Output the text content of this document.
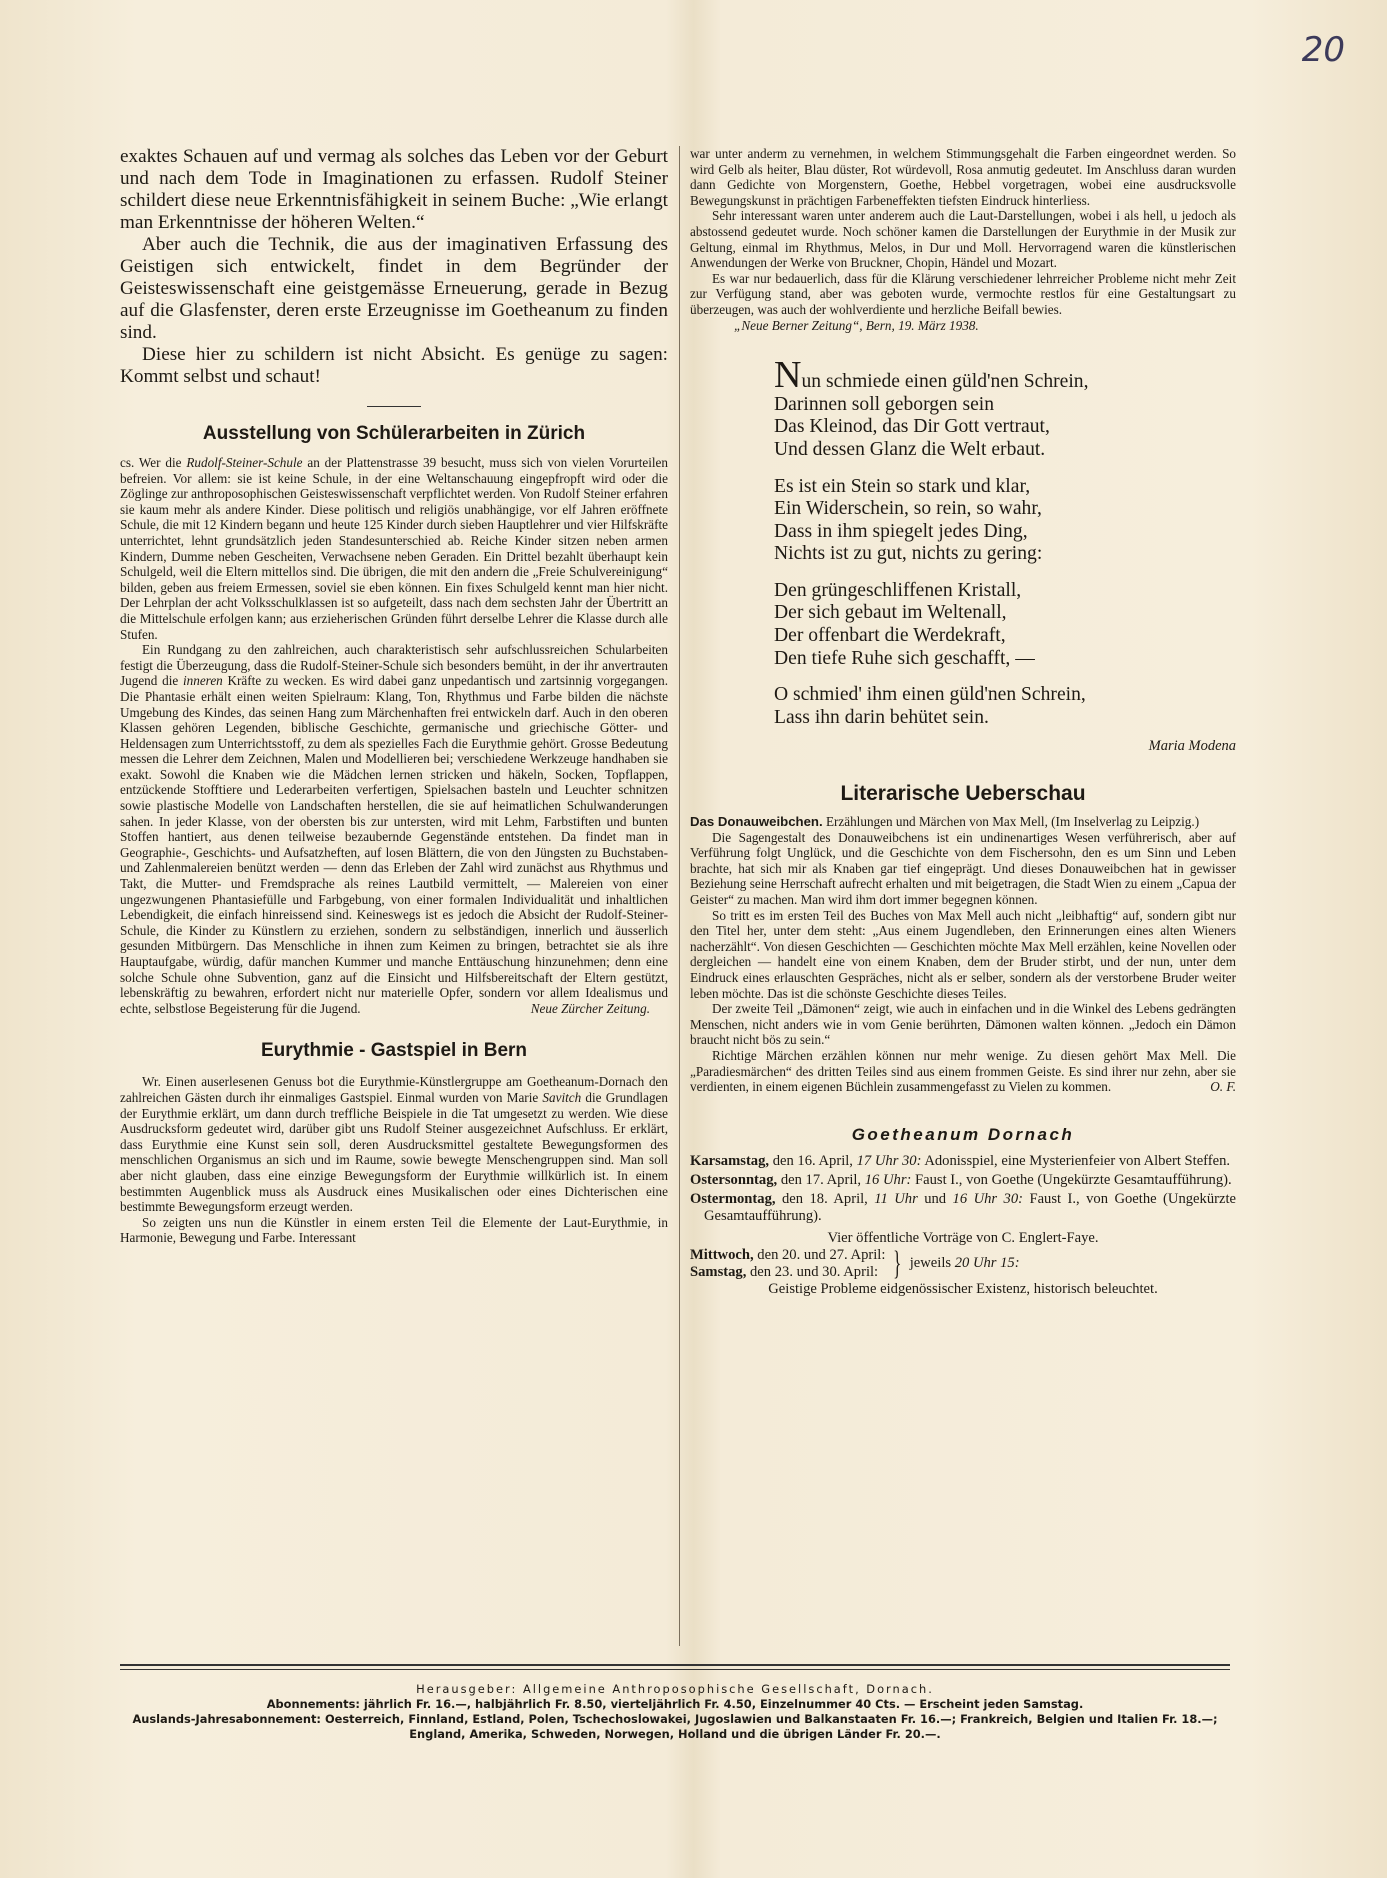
20

exaktes Schauen auf und vermag als solches das Leben vor der Geburt und nach dem Tode in Imaginationen zu erfassen. Rudolf Steiner schildert diese neue Erkenntnisfähigkeit in seinem Buche: „Wie erlangt man Erkenntnisse der höheren Welten.“

Aber auch die Technik, die aus der imaginativen Erfassung des Geistigen sich entwickelt, findet in dem Begründer der Geisteswissenschaft eine geistgemässe Erneuerung, gerade in Bezug auf die Glasfenster, deren erste Erzeugnisse im Goetheanum zu finden sind.

Diese hier zu schildern ist nicht Absicht. Es genüge zu sagen: Kommt selbst und schaut!

Ausstellung von Schülerarbeiten in Zürich

cs. Wer die Rudolf-Steiner-Schule an der Plattenstrasse 39 besucht, muss sich von vielen Vorurteilen befreien. Vor allem: sie ist keine Schule, in der eine Weltanschauung eingepfropft wird oder die Zöglinge zur anthroposophischen Geisteswissenschaft verpflichtet werden. Von Rudolf Steiner erfahren sie kaum mehr als andere Kinder. Diese politisch und religiös unabhängige, vor elf Jahren eröffnete Schule, die mit 12 Kindern begann und heute 125 Kinder durch sieben Hauptlehrer und vier Hilfskräfte unterrichtet, lehnt grundsätzlich jeden Standesunterschied ab. Reiche Kinder sitzen neben armen Kindern, Dumme neben Gescheiten, Verwachsene neben Geraden. Ein Drittel bezahlt überhaupt kein Schulgeld, weil die Eltern mittellos sind. Die übrigen, die mit den andern die „Freie Schulvereinigung“ bilden, geben aus freiem Ermessen, soviel sie eben können. Ein fixes Schulgeld kennt man hier nicht. Der Lehrplan der acht Volksschulklassen ist so aufgeteilt, dass nach dem sechsten Jahr der Übertritt an die Mittelschule erfolgen kann; aus erzieherischen Gründen führt derselbe Lehrer die Klasse durch alle Stufen.

Ein Rundgang zu den zahlreichen, auch charakteristisch sehr aufschlussreichen Schularbeiten festigt die Überzeugung, dass die Rudolf-Steiner-Schule sich besonders bemüht, in der ihr anvertrauten Jugend die inneren Kräfte zu wecken. Es wird dabei ganz unpedantisch und zartsinnig vorgegangen. Die Phantasie erhält einen weiten Spielraum: Klang, Ton, Rhythmus und Farbe bilden die nächste Umgebung des Kindes, das seinen Hang zum Märchenhaften frei entwickeln darf. Auch in den oberen Klassen gehören Legenden, biblische Geschichte, germanische und griechische Götter- und Heldensagen zum Unterrichtsstoff, zu dem als spezielles Fach die Eurythmie gehört. Grosse Bedeutung messen die Lehrer dem Zeichnen, Malen und Modellieren bei; verschiedene Werkzeuge handhaben sie exakt. Sowohl die Knaben wie die Mädchen lernen stricken und häkeln, Socken, Topflappen, entzückende Stofftiere und Lederarbeiten verfertigen, Spielsachen basteln und Leuchter schnitzen sowie plastische Modelle von Landschaften herstellen, die sie auf heimatlichen Schulwanderungen sahen. In jeder Klasse, von der obersten bis zur untersten, wird mit Lehm, Farbstiften und bunten Stoffen hantiert, aus denen teilweise bezaubernde Gegenstände entstehen. Da findet man in Geographie-, Geschichts- und Aufsatzheften, auf losen Blättern, die von den Jüngsten zu Buchstaben- und Zahlenmalereien benützt werden — denn das Erleben der Zahl wird zunächst aus Rhythmus und Takt, die Mutter- und Fremdsprache als reines Lautbild vermittelt, — Malereien von einer ungezwungenen Phantasiefülle und Farbgebung, von einer formalen Individualität und inhaltlichen Lebendigkeit, die einfach hinreissend sind. Keineswegs ist es jedoch die Absicht der Rudolf-Steiner-Schule, die Kinder zu Künstlern zu erziehen, sondern zu selbständigen, innerlich und äusserlich gesunden Mitbürgern. Das Menschliche in ihnen zum Keimen zu bringen, betrachtet sie als ihre Hauptaufgabe, würdig, dafür manchen Kummer und manche Enttäuschung hinzunehmen; denn eine solche Schule ohne Subvention, ganz auf die Einsicht und Hilfsbereitschaft der Eltern gestützt, lebenskräftig zu bewahren, erfordert nicht nur materielle Opfer, sondern vor allem Idealismus und echte, selbstlose Begeisterung für die Jugend.	Neue Zürcher Zeitung.

Eurythmie - Gastspiel in Bern

Wr. Einen auserlesenen Genuss bot die Eurythmie-Künstlergruppe am Goetheanum-Dornach den zahlreichen Gästen durch ihr einmaliges Gastspiel. Einmal wurden von Marie Savitch die Grundlagen der Eurythmie erklärt, um dann durch treffliche Beispiele in die Tat umgesetzt zu werden. Wie diese Ausdrucksform gedeutet wird, darüber gibt uns Rudolf Steiner ausgezeichnet Aufschluss. Er erklärt, dass Eurythmie eine Kunst sein soll, deren Ausdrucksmittel gestaltete Bewegungsformen des menschlichen Organismus an sich und im Raume, sowie bewegte Menschengruppen sind. Man soll aber nicht glauben, dass eine einzige Bewegungsform der Eurythmie willkürlich ist. In einem bestimmten Augenblick muss als Ausdruck eines Musikalischen oder eines Dichterischen eine bestimmte Bewegungsform erzeugt werden.

So zeigten uns nun die Künstler in einem ersten Teil die Elemente der Laut-Eurythmie, in Harmonie, Bewegung und Farbe. Interessant

war unter anderm zu vernehmen, in welchem Stimmungsgehalt die Farben eingeordnet werden. So wird Gelb als heiter, Blau düster, Rot würdevoll, Rosa anmutig gedeutet. Im Anschluss daran wurden dann Gedichte von Morgenstern, Goethe, Hebbel vorgetragen, wobei eine ausdrucksvolle Bewegungskunst in prächtigen Farbeneffekten tiefsten Eindruck hinterliess.

Sehr interessant waren unter anderem auch die Laut-Darstellungen, wobei i als hell, u jedoch als abstossend gedeutet wurde. Noch schöner kamen die Darstellungen der Eurythmie in der Musik zur Geltung, einmal im Rhythmus, Melos, in Dur und Moll. Hervorragend waren die künstlerischen Anwendungen der Werke von Bruckner, Chopin, Händel und Mozart.

Es war nur bedauerlich, dass für die Klärung verschiedener lehrreicher Probleme nicht mehr Zeit zur Verfügung stand, aber was geboten wurde, vermochte restlos für eine Gestaltungsart zu überzeugen, was auch der wohlverdiente und herzliche Beifall bewies.

„Neue Berner Zeitung“, Bern, 19. März 1938.

Nun schmiede einen güld'nen Schrein,
Darinnen soll geborgen sein
Das Kleinod, das Dir Gott vertraut,
Und dessen Glanz die Welt erbaut.
Es ist ein Stein so stark und klar,
Ein Widerschein, so rein, so wahr,
Dass in ihm spiegelt jedes Ding,
Nichts ist zu gut, nichts zu gering:
Den grüngeschliffenen Kristall,
Der sich gebaut im Weltenall,
Der offenbart die Werdekraft,
Den tiefe Ruhe sich geschafft, —
O schmied' ihm einen güld'nen Schrein,
Lass ihn darin behütet sein.
Maria Modena
Literarische Ueberschau

Das Donauweibchen. Erzählungen und Märchen von Max Mell, (Im Inselverlag zu Leipzig.)

Die Sagengestalt des Donauweibchens ist ein undinenartiges Wesen verführerisch, aber auf Verführung folgt Unglück, und die Geschichte von dem Fischersohn, den es um Sinn und Leben brachte, hat sich mir als Knaben gar tief eingeprägt. Und dieses Donauweibchen hat in gewisser Beziehung seine Herrschaft aufrecht erhalten und mit beigetragen, die Stadt Wien zu einem „Capua der Geister“ zu machen. Man wird ihm dort immer begegnen können.

So tritt es im ersten Teil des Buches von Max Mell auch nicht „leibhaftig“ auf, sondern gibt nur den Titel her, unter dem steht: „Aus einem Jugendleben, den Erinnerungen eines alten Wieners nacherzählt“. Von diesen Geschichten — Geschichten möchte Max Mell erzählen, keine Novellen oder dergleichen — handelt eine von einem Knaben, dem der Bruder stirbt, und der nun, unter dem Eindruck eines erlauschten Gespräches, nicht als er selber, sondern als der verstorbene Bruder weiter leben möchte. Das ist die schönste Geschichte dieses Teiles.

Der zweite Teil „Dämonen“ zeigt, wie auch in einfachen und in die Winkel des Lebens gedrängten Menschen, nicht anders wie in vom Genie berührten, Dämonen walten können. „Jedoch ein Dämon braucht nicht bös zu sein.“

Richtige Märchen erzählen können nur mehr wenige. Zu diesen gehört Max Mell. Die „Paradiesmärchen“ des dritten Teiles sind aus einem frommen Geiste. Es sind ihrer nur zehn, aber sie verdienten, in einem eigenen Büchlein zusammengefasst zu Vielen zu kommen.	O. F.

Goetheanum Dornach

Karsamstag, den 16. April, 17 Uhr 30: Adonisspiel, eine Mysterienfeier von Albert Steffen.

Ostersonntag, den 17. April, 16 Uhr: Faust I., von Goethe (Ungekürzte Gesamtaufführung).

Ostermontag, den 18. April, 11 Uhr und 16 Uhr 30: Faust I., von Goethe (Ungekürzte Gesamtaufführung).

Vier öffentliche Vorträge von C. Englert-Faye.

Mittwoch, den 20. und 27. April:
Samstag, den 23. und 30. April: } jeweils 20 Uhr 15:

Geistige Probleme eidgenössischer Existenz, historisch beleuchtet.

Herausgeber: Allgemeine Anthroposophische Gesellschaft, Dornach.
Abonnements: jährlich Fr. 16.—, halbjährlich Fr. 8.50, vierteljährlich Fr. 4.50, Einzelnummer 40 Cts. — Erscheint jeden Samstag.
Auslands-Jahresabonnement: Oesterreich, Finnland, Estland, Polen, Tschechoslowakei, Jugoslawien und Balkanstaaten Fr. 16.—; Frankreich, Belgien und Italien Fr. 18.—; England, Amerika, Schweden, Norwegen, Holland und die übrigen Länder Fr. 20.—.
